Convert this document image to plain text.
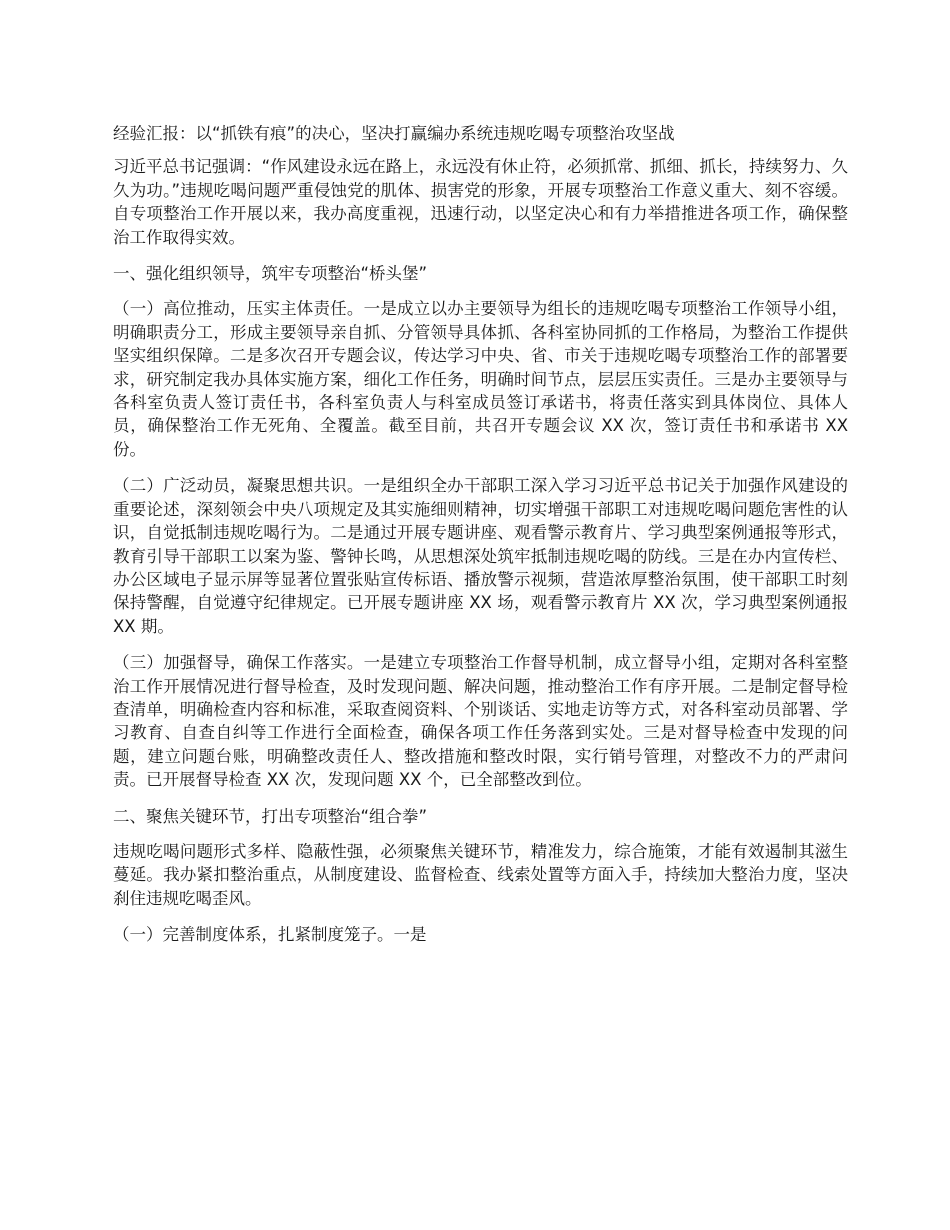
经验汇报：以“抓铁有痕”的决心，坚决打赢编办系统违规吃喝专项整治攻坚战

习近平总书记强调：“作风建设永远在路上，永远没有休止符，必须抓常、抓细、抓长，持续努力、久久为功。”违规吃喝问题严重侵蚀党的肌体、损害党的形象，开展专项整治工作意义重大、刻不容缓。自专项整治工作开展以来，我办高度重视，迅速行动，以坚定决心和有力举措推进各项工作，确保整治工作取得实效。

一、强化组织领导，筑牢专项整治“桥头堡”

（一）高位推动，压实主体责任。一是成立以办主要领导为组长的违规吃喝专项整治工作领导小组，明确职责分工，形成主要领导亲自抓、分管领导具体抓、各科室协同抓的工作格局，为整治工作提供坚实组织保障。二是多次召开专题会议，传达学习中央、省、市关于违规吃喝专项整治工作的部署要求，研究制定我办具体实施方案，细化工作任务，明确时间节点，层层压实责任。三是办主要领导与各科室负责人签订责任书，各科室负责人与科室成员签订承诺书，将责任落实到具体岗位、具体人员，确保整治工作无死角、全覆盖。截至目前，共召开专题会议 XX 次，签订责任书和承诺书 XX 份。

（二）广泛动员，凝聚思想共识。一是组织全办干部职工深入学习习近平总书记关于加强作风建设的重要论述，深刻领会中央八项规定及其实施细则精神，切实增强干部职工对违规吃喝问题危害性的认识，自觉抵制违规吃喝行为。二是通过开展专题讲座、观看警示教育片、学习典型案例通报等形式，教育引导干部职工以案为鉴、警钟长鸣，从思想深处筑牢抵制违规吃喝的防线。三是在办内宣传栏、办公区域电子显示屏等显著位置张贴宣传标语、播放警示视频，营造浓厚整治氛围，使干部职工时刻保持警醒，自觉遵守纪律规定。已开展专题讲座 XX 场，观看警示教育片 XX 次，学习典型案例通报 XX 期。

（三）加强督导，确保工作落实。一是建立专项整治工作督导机制，成立督导小组，定期对各科室整治工作开展情况进行督导检查，及时发现问题、解决问题，推动整治工作有序开展。二是制定督导检查清单，明确检查内容和标准，采取查阅资料、个别谈话、实地走访等方式，对各科室动员部署、学习教育、自查自纠等工作进行全面检查，确保各项工作任务落到实处。三是对督导检查中发现的问题，建立问题台账，明确整改责任人、整改措施和整改时限，实行销号管理，对整改不力的严肃问责。已开展督导检查 XX 次，发现问题 XX 个，已全部整改到位。

二、聚焦关键环节，打出专项整治“组合拳”

违规吃喝问题形式多样、隐蔽性强，必须聚焦关键环节，精准发力，综合施策，才能有效遏制其滋生蔓延。我办紧扣整治重点，从制度建设、监督检查、线索处置等方面入手，持续加大整治力度，坚决刹住违规吃喝歪风。

（一）完善制度体系，扎紧制度笼子。一是
